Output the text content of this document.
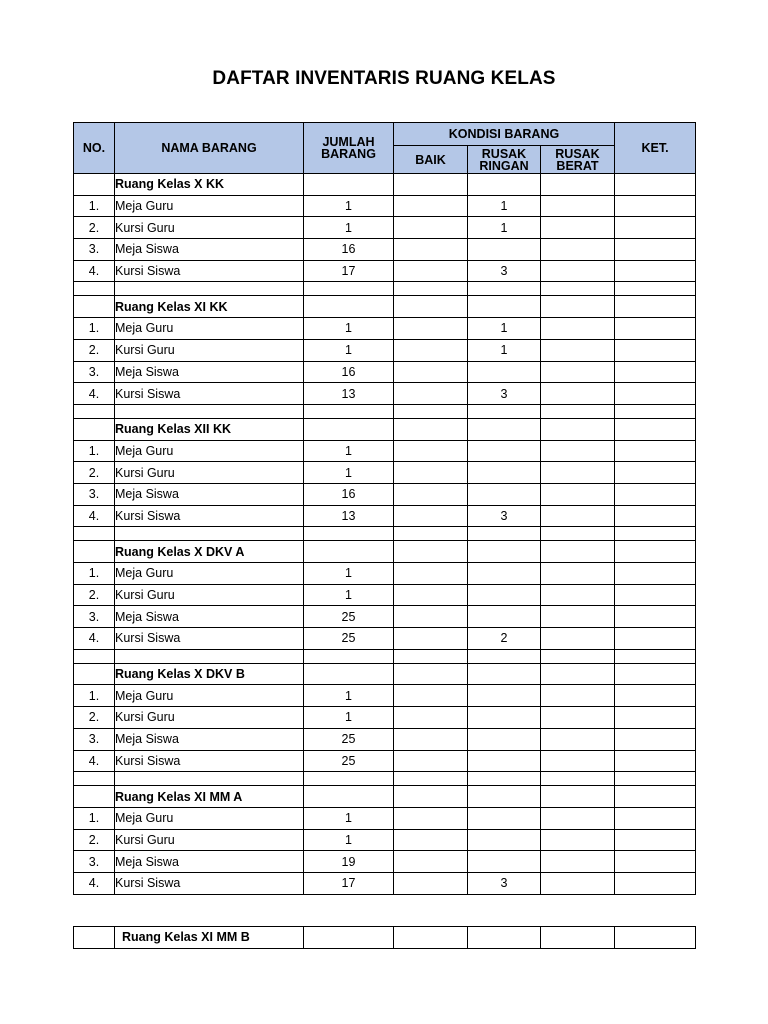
DAFTAR INVENTARIS RUANG KELAS
NO.	NAMA BARANG	JUMLAH BARANG	KONDISI BARANG			KET.
			BAIK	RUSAK RINGAN	RUSAK BERAT	
	Ruang Kelas X KK					
1.	Meja Guru	1		1		
2.	Kursi Guru	1		1		
3.	Meja Siswa	16				
4.	Kursi Siswa	17		3		

	Ruang Kelas XI KK					
1.	Meja Guru	1		1		
2.	Kursi Guru	1		1		
3.	Meja Siswa	16				
4.	Kursi Siswa	13		3		

	Ruang Kelas XII KK					
1.	Meja Guru	1				
2.	Kursi Guru	1				
3.	Meja Siswa	16				
4.	Kursi Siswa	13		3		

	Ruang Kelas X DKV A					
1.	Meja Guru	1				
2.	Kursi Guru	1				
3.	Meja Siswa	25				
4.	Kursi Siswa	25		2		

	Ruang Kelas X DKV B					
1.	Meja Guru	1				
2.	Kursi Guru	1				
3.	Meja Siswa	25				
4.	Kursi Siswa	25				

	Ruang Kelas XI MM A					
1.	Meja Guru	1				
2.	Kursi Guru	1				
3.	Meja Siswa	19				
4.	Kursi Siswa	17		3		
	Ruang Kelas XI MM B					
